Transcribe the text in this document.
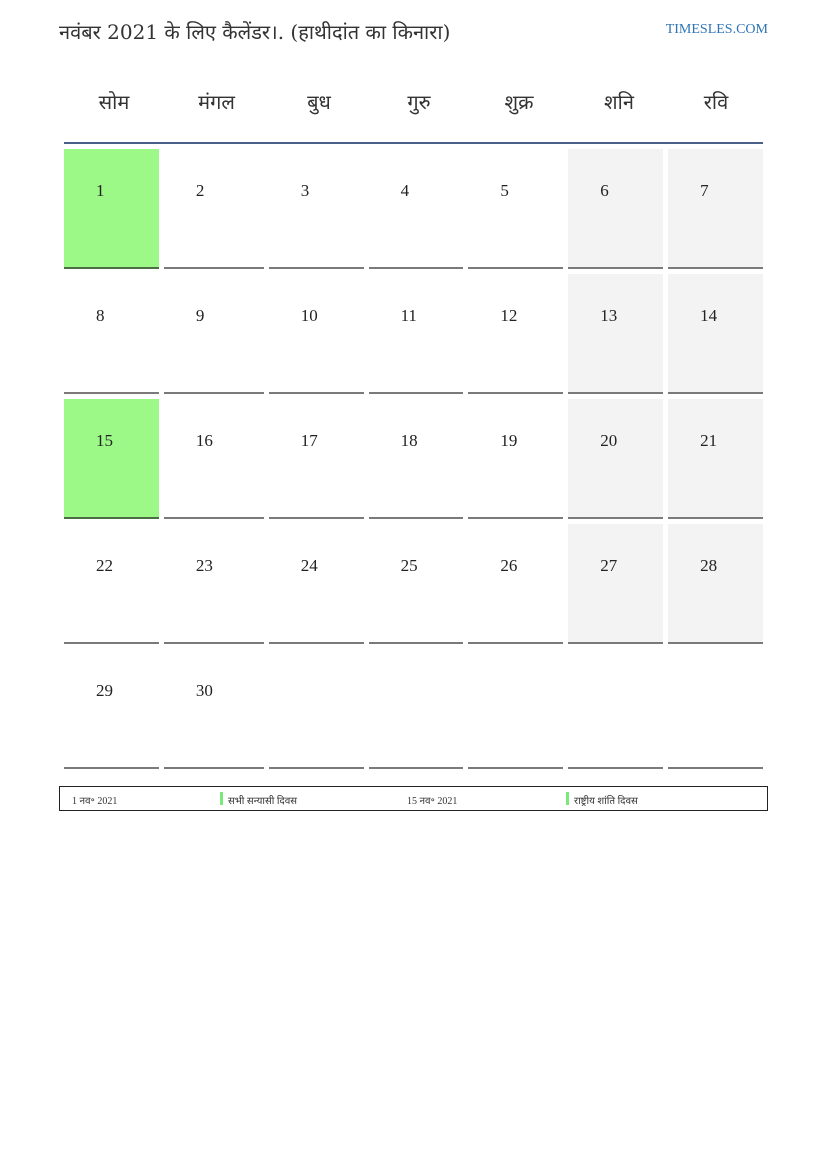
नवंबर 2021 के लिए कैलेंडर।. (हाथीदांत का किनारा)	TIMESLES.COM
सोम	मंगल	बुध	गुरु	शुक्र	शनि	रवि
1	2	3	4	5	6	7
8	9	10	11	12	13	14
15	16	17	18	19	20	21
22	23	24	25	26	27	28
29	30
1 नव॰ 2021	सभी सन्यासी दिवस	15 नव॰ 2021	राष्ट्रीय शांति दिवस
